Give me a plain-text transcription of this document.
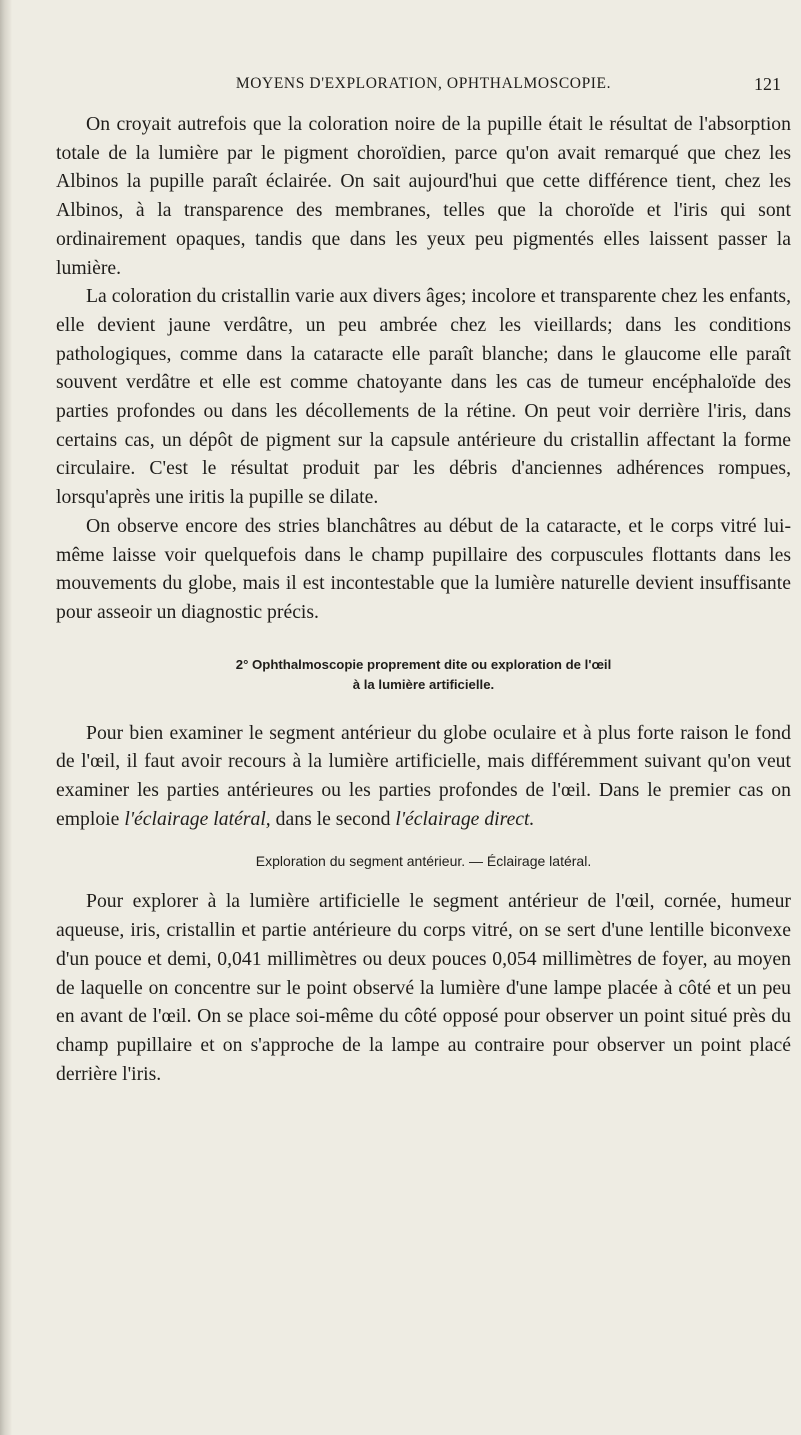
MOYENS D'EXPLORATION, OPHTHALMOSCOPIE.	121

On croyait autrefois que la coloration noire de la pupille était le résultat de l'absorption totale de la lumière par le pigment choroïdien, parce qu'on avait remarqué que chez les Albinos la pupille paraît éclairée. On sait aujourd'hui que cette différence tient, chez les Albinos, à la transparence des membranes, telles que la choroïde et l'iris qui sont ordinairement opaques, tandis que dans les yeux peu pigmentés elles laissent passer la lumière.

La coloration du cristallin varie aux divers âges; incolore et transparente chez les enfants, elle devient jaune verdâtre, un peu ambrée chez les vieillards; dans les conditions pathologiques, comme dans la cataracte elle paraît blanche; dans le glaucome elle paraît souvent verdâtre et elle est comme chatoyante dans les cas de tumeur encéphaloïde des parties profondes ou dans les décollements de la rétine. On peut voir derrière l'iris, dans certains cas, un dépôt de pigment sur la capsule antérieure du cristallin affectant la forme circulaire. C'est le résultat produit par les débris d'anciennes adhérences rompues, lorsqu'après une iritis la pupille se dilate.

On observe encore des stries blanchâtres au début de la cataracte, et le corps vitré lui-même laisse voir quelquefois dans le champ pupillaire des corpuscules flottants dans les mouvements du globe, mais il est incontestable que la lumière naturelle devient insuffisante pour asseoir un diagnostic précis.

2° Ophthalmoscopie proprement dite ou exploration de l'œil
à la lumière artificielle.

Pour bien examiner le segment antérieur du globe oculaire et à plus forte raison le fond de l'œil, il faut avoir recours à la lumière artificielle, mais différemment suivant qu'on veut examiner les parties antérieures ou les parties profondes de l'œil. Dans le premier cas on emploie l'éclairage latéral, dans le second l'éclairage direct.

Exploration du segment antérieur. — Éclairage latéral.

Pour explorer à la lumière artificielle le segment antérieur de l'œil, cornée, humeur aqueuse, iris, cristallin et partie antérieure du corps vitré, on se sert d'une lentille biconvexe d'un pouce et demi, 0,041 millimètres ou deux pouces 0,054 millimètres de foyer, au moyen de laquelle on concentre sur le point observé la lumière d'une lampe placée à côté et un peu en avant de l'œil. On se place soi-même du côté opposé pour observer un point situé près du champ pupillaire et on s'approche de la lampe au contraire pour observer un point placé derrière l'iris.
